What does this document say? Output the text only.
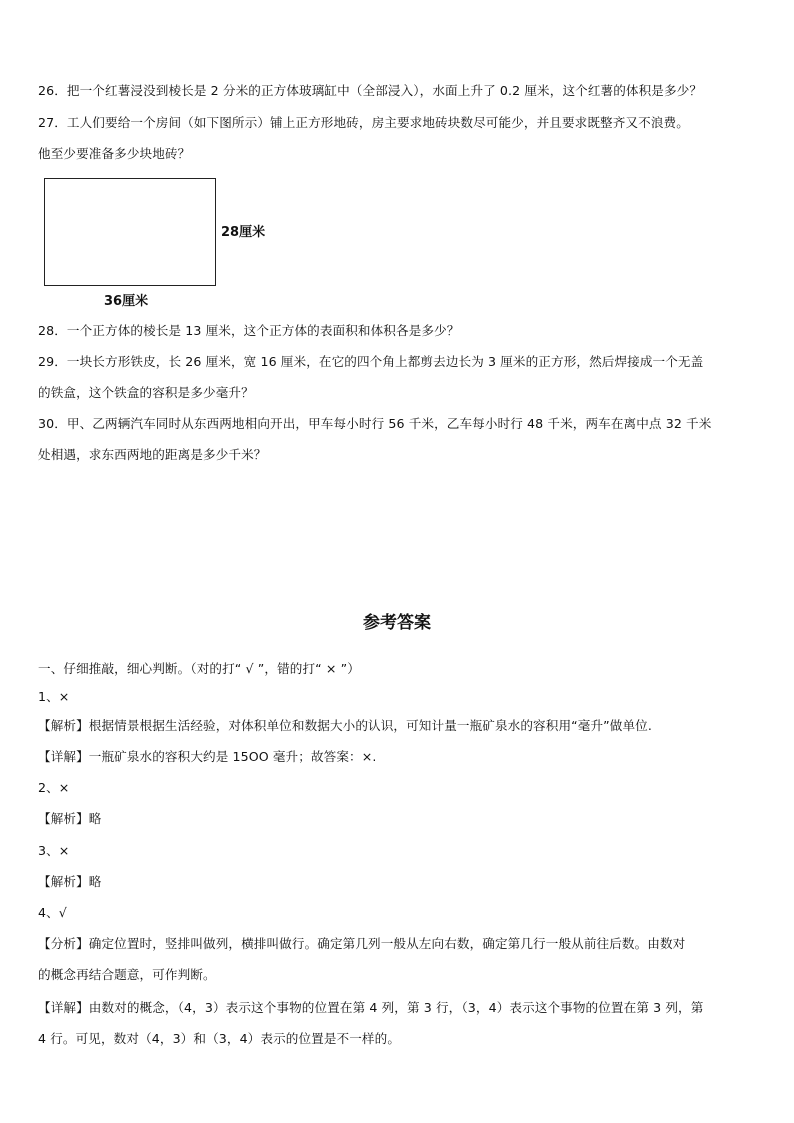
26．把一个红薯浸没到棱长是 2 分米的正方体玻璃缸中（全部浸入），水面上升了 0.2 厘米，这个红薯的体积是多少？
27．工人们要给一个房间（如下图所示）铺上正方形地砖，房主要求地砖块数尽可能少，并且要求既整齐又不浪费。
他至少要准备多少块地砖？
28厘米
36厘米
28．一个正方体的棱长是 13 厘米，这个正方体的表面积和体积各是多少？
29．一块长方形铁皮，长 26 厘米，宽 16 厘米，在它的四个角上都剪去边长为 3 厘米的正方形，然后焊接成一个无盖
的铁盒，这个铁盒的容积是多少毫升？
30．甲、乙两辆汽车同时从东西两地相向开出，甲车每小时行 56 千米，乙车每小时行 48 千米，两车在离中点 32 千米
处相遇，求东西两地的距离是多少千米？
参考答案
一、仔细推敲，细心判断。（对的打“ √ ”，错的打“ × ”）
1、×
【解析】根据情景根据生活经验，对体积单位和数据大小的认识，可知计量一瓶矿泉水的容积用“毫升”做单位.
【详解】一瓶矿泉水的容积大约是 15OO 毫升；故答案：×.
2、×
【解析】略
3、×
【解析】略
4、√
【分析】确定位置时，竖排叫做列，横排叫做行。确定第几列一般从左向右数，确定第几行一般从前往后数。由数对
的概念再结合题意，可作判断。
【详解】由数对的概念，（4，3）表示这个事物的位置在第 4 列，第 3 行，（3，4）表示这个事物的位置在第 3 列，第
4 行。可见，数对（4，3）和（3，4）表示的位置是不一样的。
